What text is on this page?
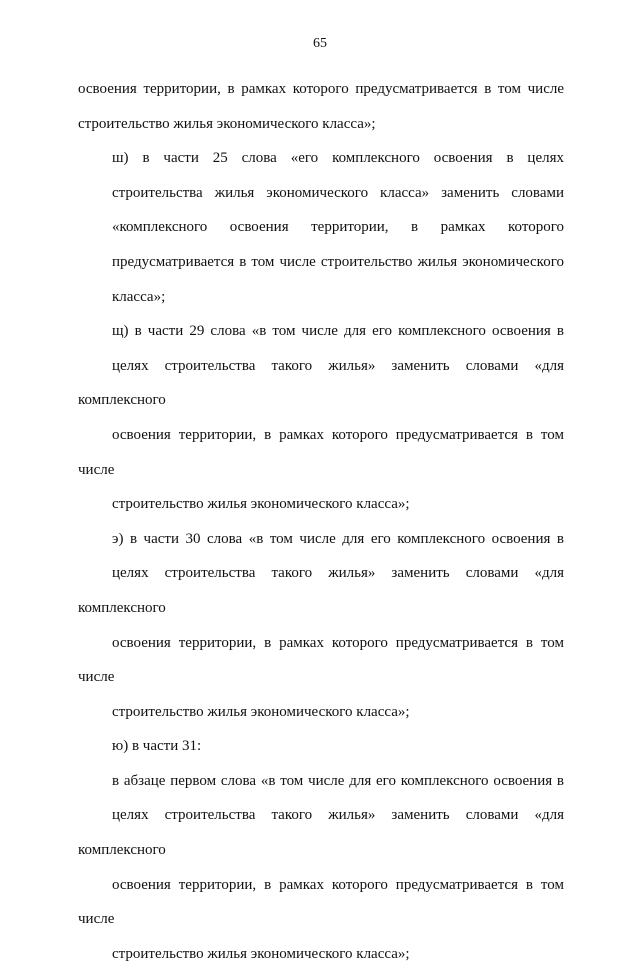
65
освоения территории, в рамках которого предусматривается в том числе
строительство жилья экономического класса»;
ш) в части 25 слова «его комплексного освоения в целях
строительства жилья экономического класса» заменить словами
«комплексного освоения территории, в рамках которого
предусматривается в том числе строительство жилья экономического
класса»;
щ) в части 29 слова «в том числе для его комплексного освоения в
целях строительства такого жилья» заменить словами «для комплексного
освоения территории, в рамках которого предусматривается в том числе
строительство жилья экономического класса»;
э) в части 30 слова «в том числе для его комплексного освоения в
целях строительства такого жилья» заменить словами «для комплексного
освоения территории, в рамках которого предусматривается в том числе
строительство жилья экономического класса»;
ю) в части 31:
в абзаце первом слова «в том числе для его комплексного освоения в
целях строительства такого жилья» заменить словами «для комплексного
освоения территории, в рамках которого предусматривается в том числе
строительство жилья экономического класса»;
